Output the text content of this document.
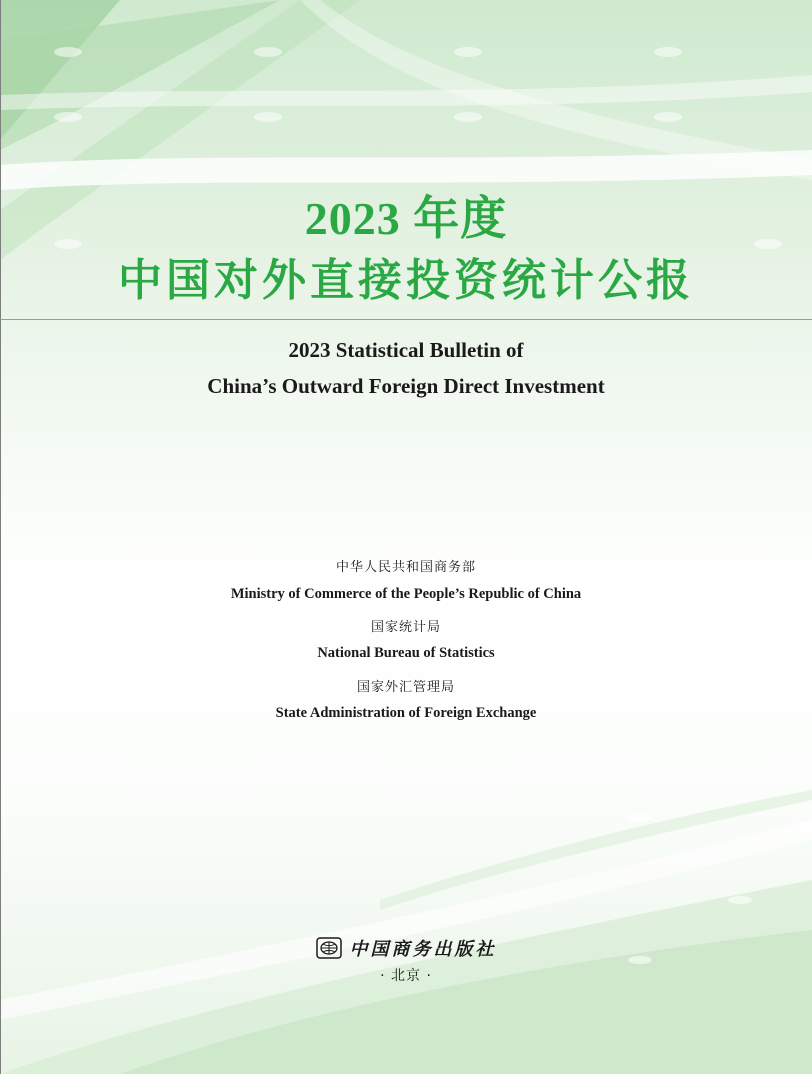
2023 年度
中国对外直接投资统计公报
2023 Statistical Bulletin of
China’s Outward Foreign Direct Investment
中华人民共和国商务部
Ministry of Commerce of the People’s Republic of China
国家统计局
National Bureau of Statistics
国家外汇管理局
State Administration of Foreign Exchange
中国商务出版社
· 北京 ·
